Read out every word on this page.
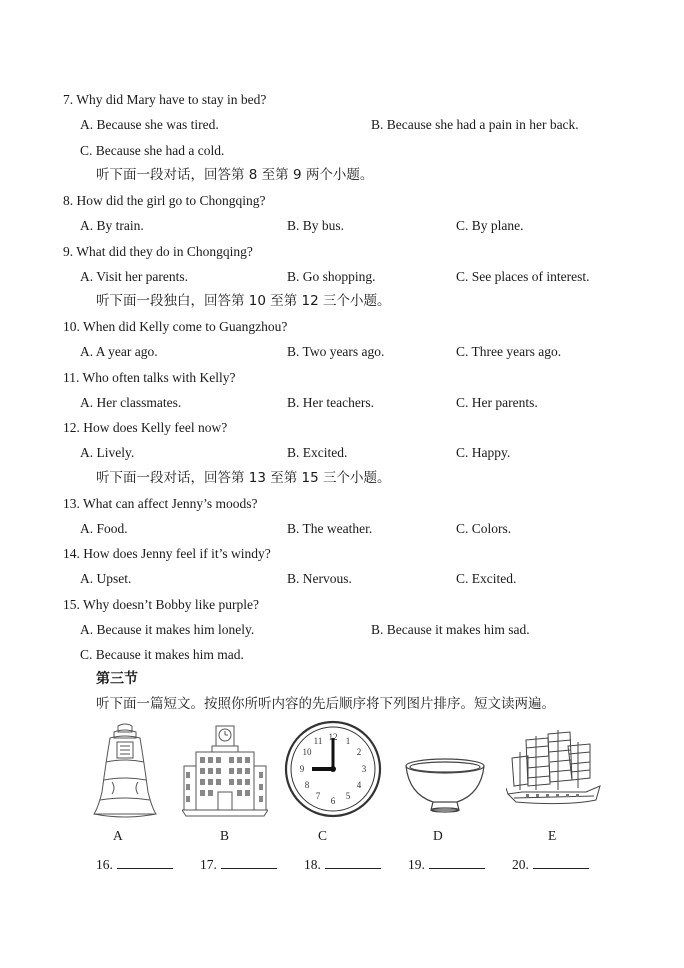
7. Why did Mary have to stay in bed?
A. Because she was tired.	B. Because she had a pain in her back.
C. Because she had a cold.
听下面一段对话，回答第 8 至第 9 两个小题。
8. How did the girl go to Chongqing?
A. By train.	B. By bus.	C. By plane.
9. What did they do in Chongqing?
A. Visit her parents.	B. Go shopping.	C. See places of interest.
听下面一段独白，回答第 10 至第 12 三个小题。
10. When did Kelly come to Guangzhou?
A. A year ago.	B. Two years ago.	C. Three years ago.
11. Who often talks with Kelly?
A. Her classmates.	B. Her teachers.	C. Her parents.
12. How does Kelly feel now?
A. Lively.	B. Excited.	C. Happy.
听下面一段对话，回答第 13 至第 15 三个小题。
13. What can affect Jenny’s moods?
A. Food.	B. The weather.	C. Colors.
14. How does Jenny feel if it’s windy?
A. Upset.	B. Nervous.	C. Excited.
15. Why doesn’t Bobby like purple?
A. Because it makes him lonely.	B. Because it makes him sad.
C. Because it makes him mad.
第三节
听下面一篇短文。按照你所听内容的先后顺序将下列图片排序。短文读两遍。
12 1
2
3
4
5
6
7
8
9
10
11
A	B	C	D	E
16.	17.	18.	19.	20.
